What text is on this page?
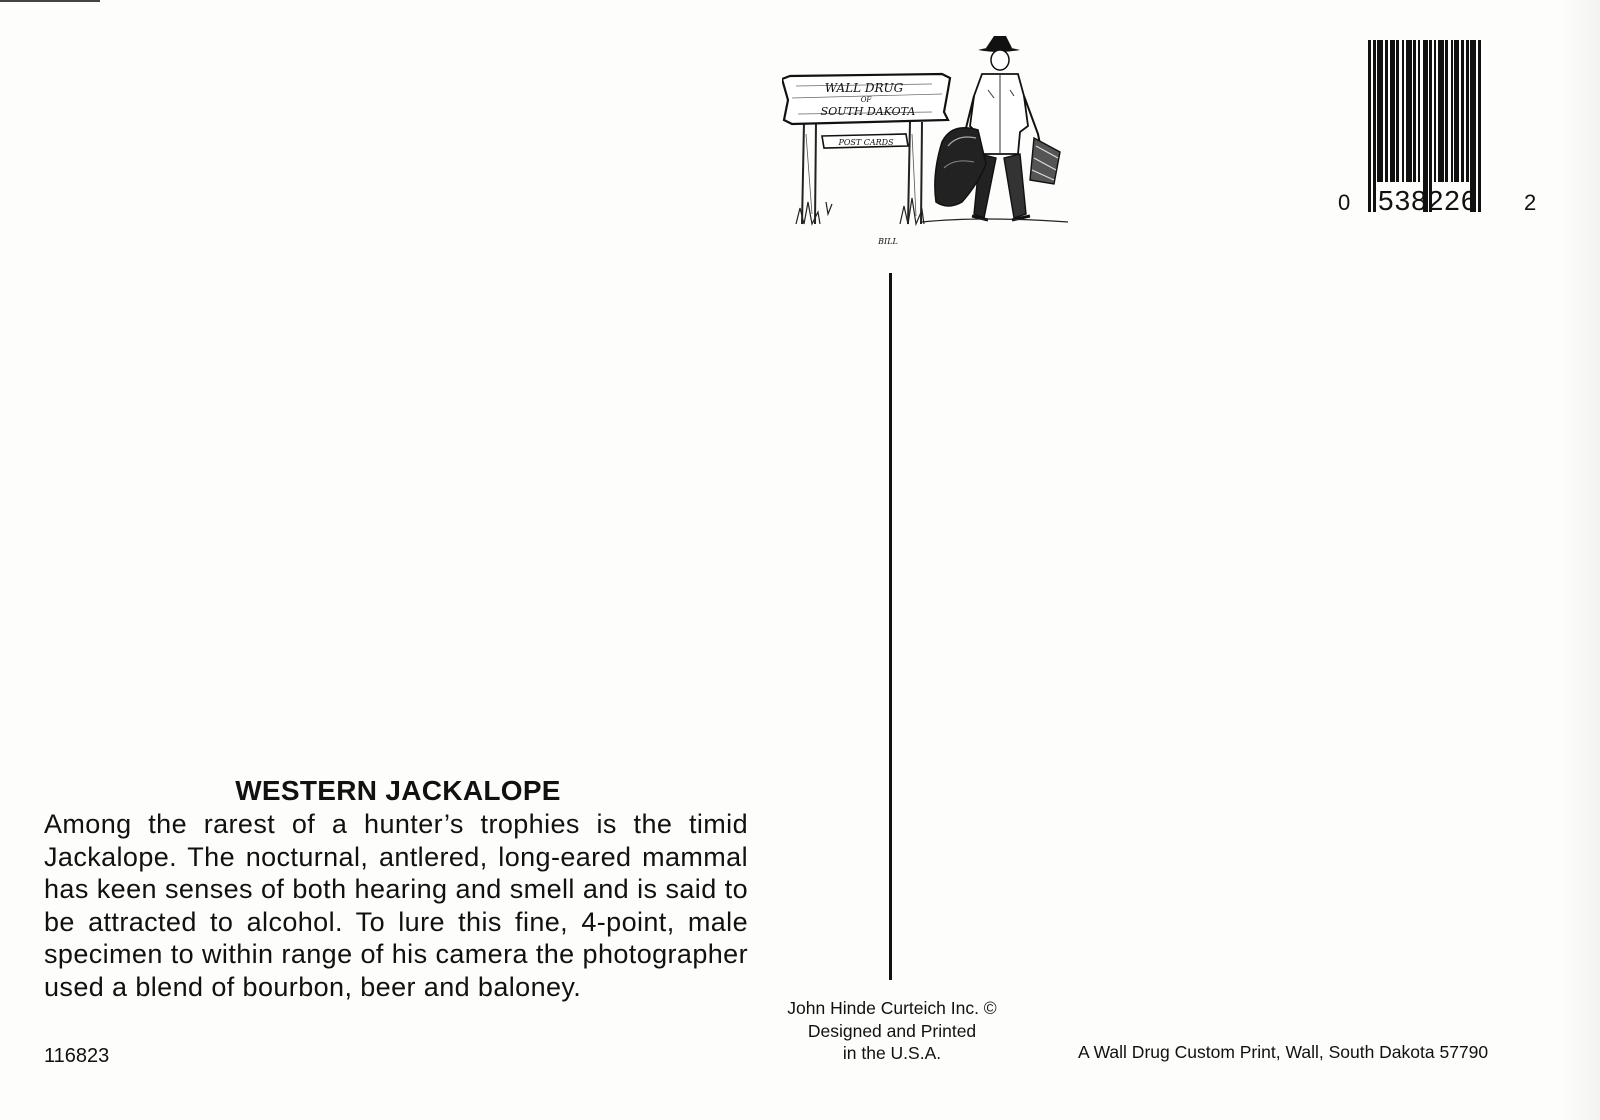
WALL DRUG
OF
SOUTH DAKOTA
POST CARDS
BILL
0 538226 2
WESTERN JACKALOPE
Among the rarest of a hunter’s trophies is the timid Jackalope. The nocturnal, antlered, long-eared mammal has keen senses of both hearing and smell and is said to be attracted to alcohol. To lure this fine, 4-point, male specimen to within range of his camera the photographer used a blend of bourbon, beer and baloney.
116823
John Hinde Curteich Inc. ©
Designed and Printed
in the U.S.A.	A Wall Drug Custom Print, Wall, South Dakota 57790
